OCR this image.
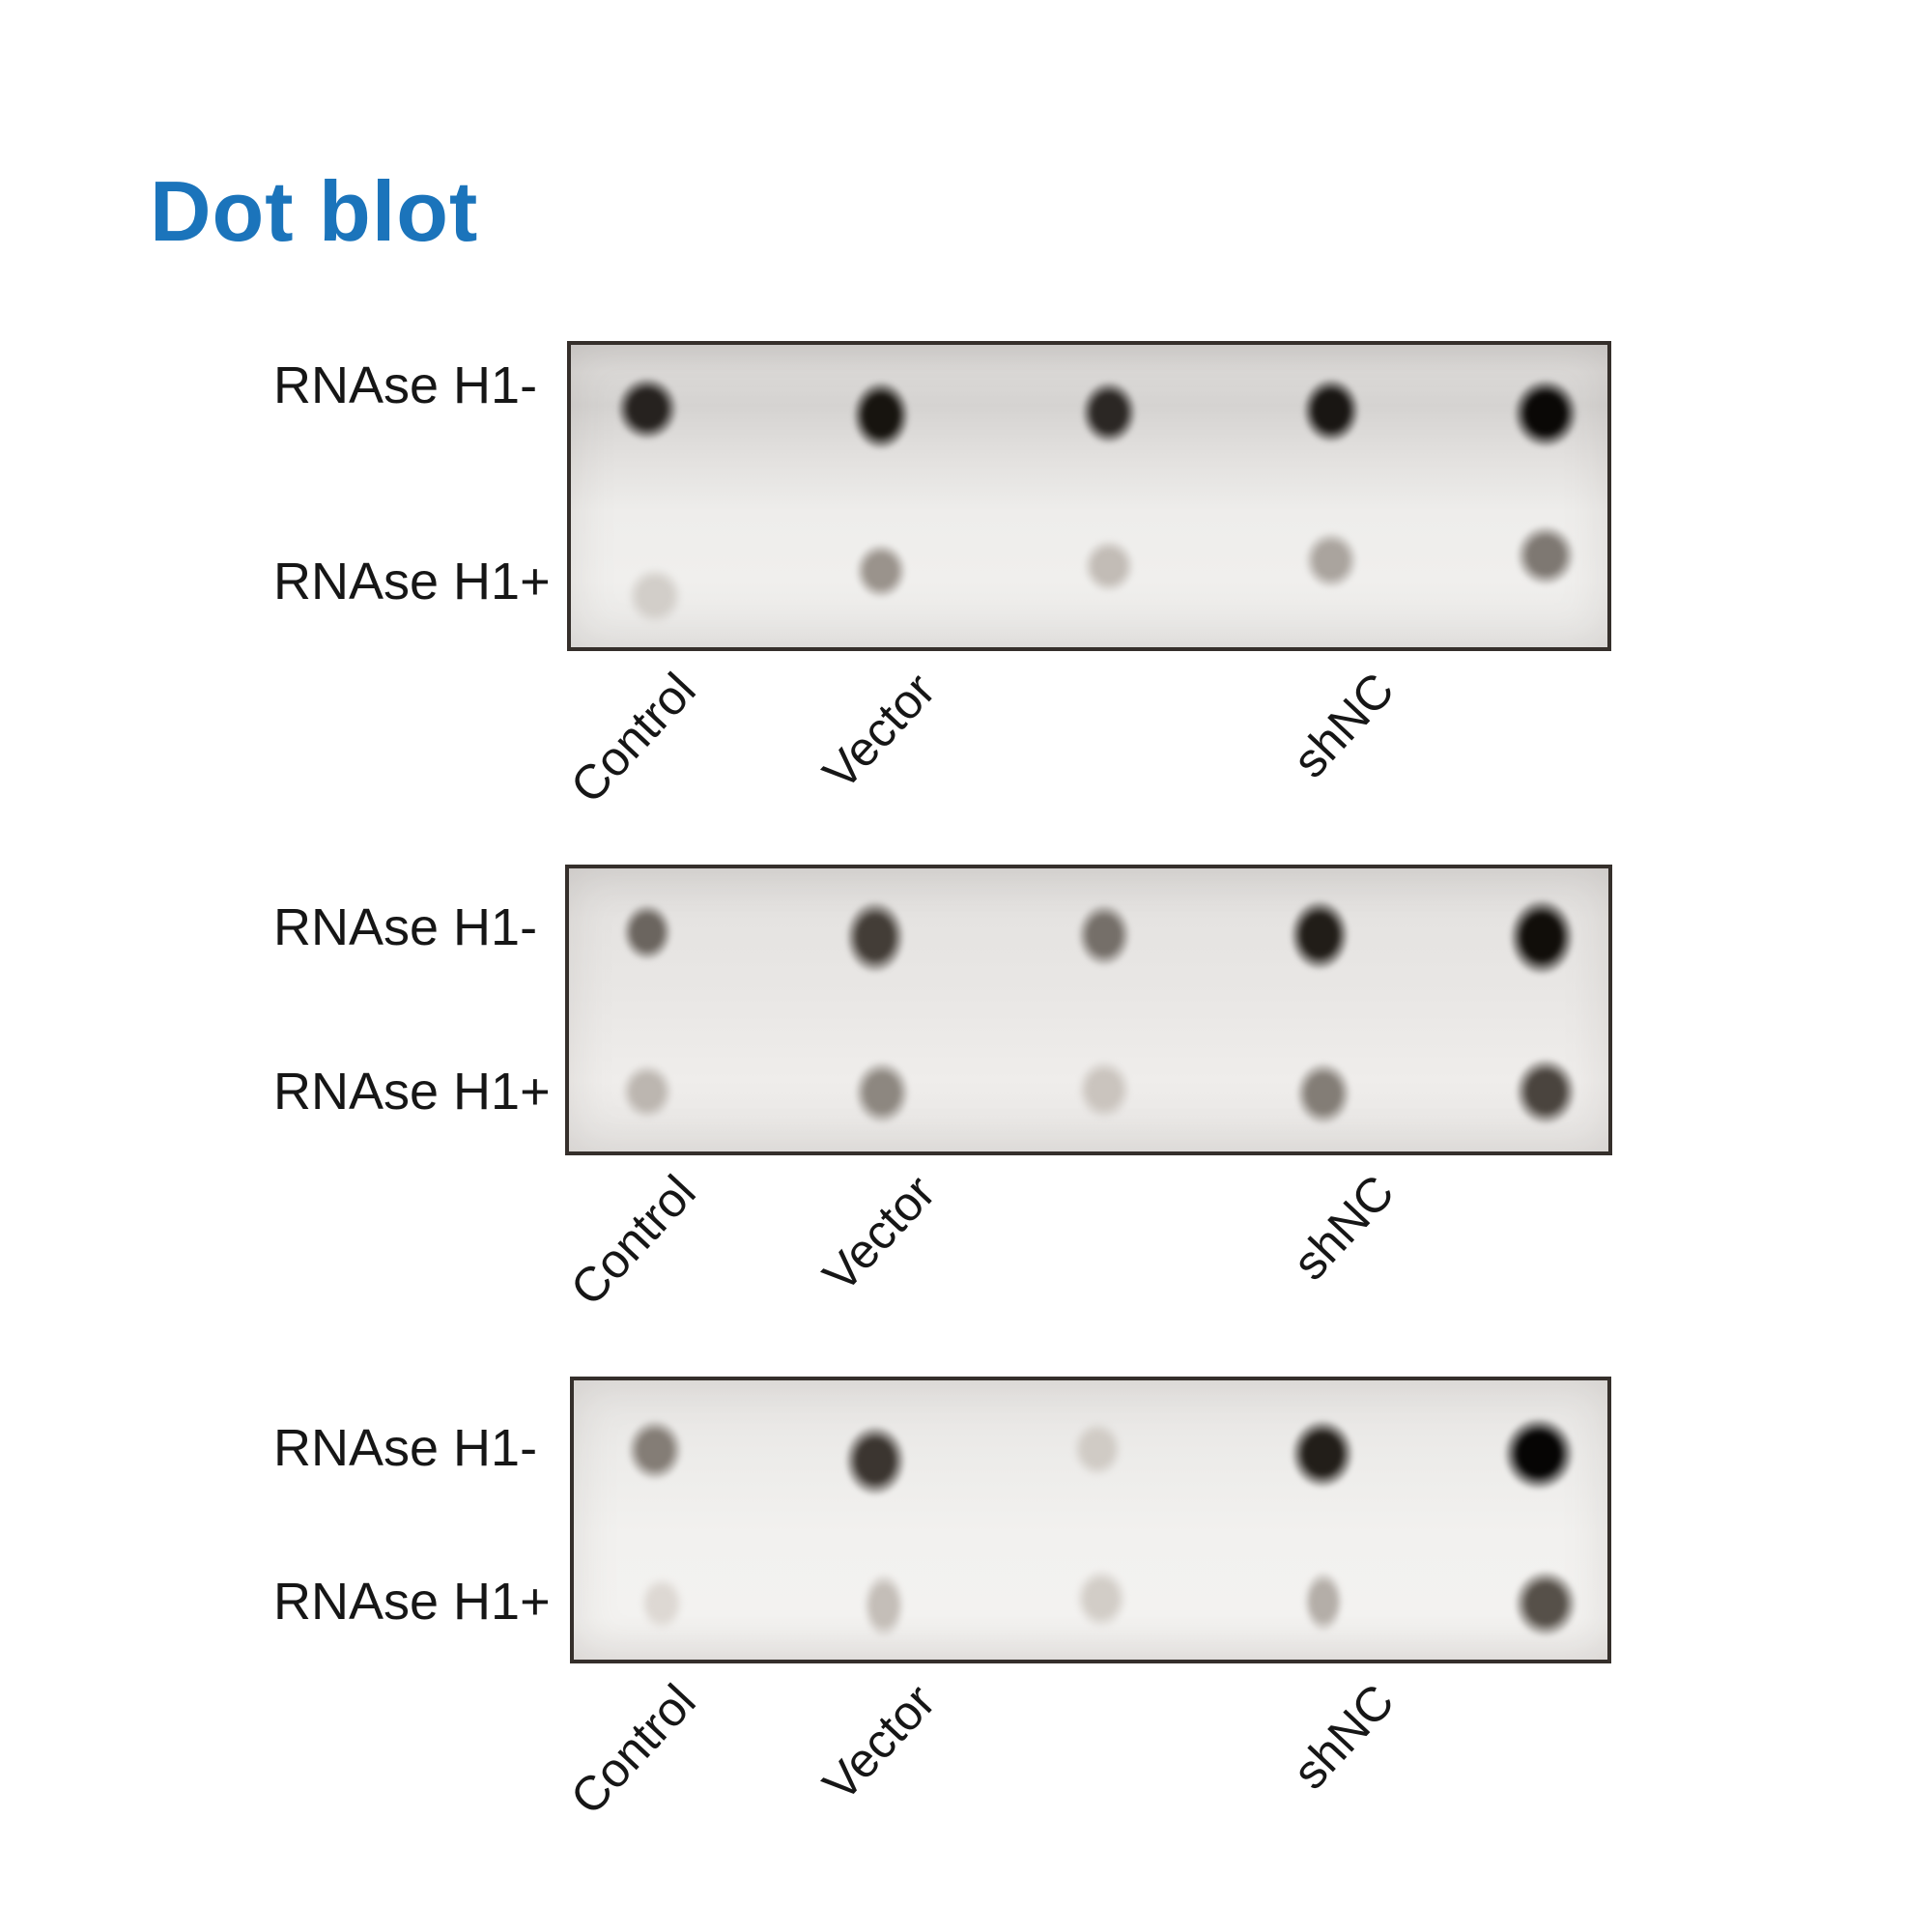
Dot blot
RNAse H1-
RNAse H1+
RNAse H1-
RNAse H1+
RNAse H1-
RNAse H1+
Control	Vector	shNC
Control	Vector	shNC
Control	Vector	shNC
